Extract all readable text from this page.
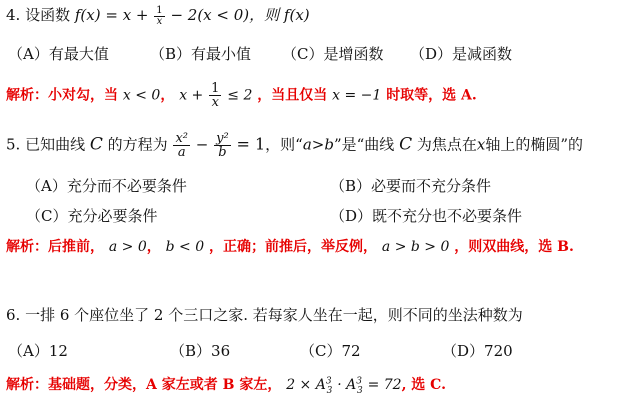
4. 设函数 $f(x) = x + \frac{1}{x} - 2(x < 0)$，则 f(x)
（A）有最大值	（B）有最小值 （C）是增函数 （D）是减函数
解析：小对勾，当 x < 0， $x + \frac{1}{x} \le 2$ ，当且仅当 x = −1 时取等，选 A.
5. 已知曲线 C 的方程为 $\frac{\text{x²}}{a} - \frac{\text{y²}}{b} = 1$，则“a>b”是“曲线 C 为焦点在x轴上的椭圆”的
（A）充分而不必要条件	（B）必要而不充分条件
（C）充分必要条件	（D）既不充分也不必要条件
解析：后推前， a > 0， b < 0 ，正确；前推后，举反例， a > b > 0 ，则双曲线，选 B.
6. 一排 6 个座位坐了 2 个三口之家. 若每家人坐在一起，则不同的坐法种数为
（A）12	（B）36	（C）72	（D）720
解析：基础题，分类，A 家左或者 B 家左， $2 \times A^3_3 \cdot A^3_3 = 72$, 选 C.
